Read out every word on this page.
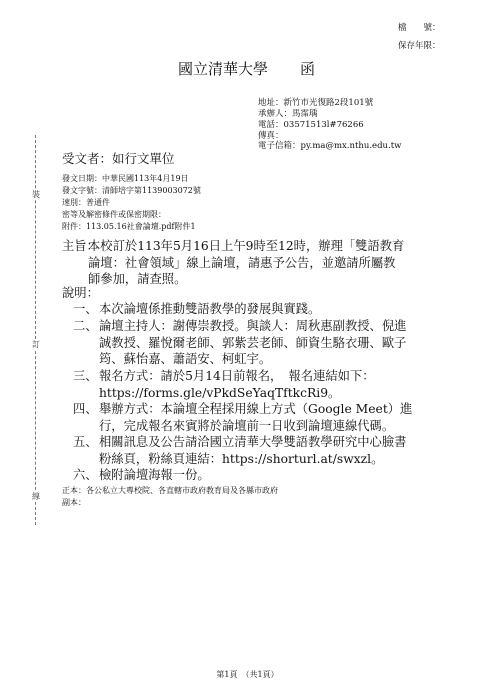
檔　　號：
保存年限：
國立清華大學 函
地址：新竹市光復路2段101號
承辦人：馬霈瑀
電話：03571513l#76266
傳真：
電子信箱：py.ma@mx.nthu.edu.tw
受文者：如行文單位
發文日期：中華民國113年4月19日
發文字號：清師培字第1139003072號
速別：普通件
密等及解密條件或保密期限：
附件：113.05.16社會論壇.pdf附件1
主旨：
本校訂於113年5月16日上午9時至12時，辦理「雙語教育
論壇：社會領域」線上論壇，請惠予公告，並邀請所屬教
師參加，請查照。
說明：
一、 本次論壇係推動雙語教學的發展與實踐。
二、 論壇主持人：謝傳崇教授。與談人：周秋惠副教授、倪進
誠教授、羅悅爾老師、郭紫芸老師、師資生駱衣珊、歐子
筠、蘇怡嘉、蕭語安、柯虹宇。
三、 報名方式：請於5月14日前報名，　報名連結如下：
https://forms.gle/vPkdSeYaqTftkcRi9。
四、 舉辦方式：本論壇全程採用線上方式（Google Meet）進
行，完成報名來賓將於論壇前一日收到論壇連線代碼。
五、 相關訊息及公告請洽國立清華大學雙語教學研究中心臉書
粉絲頁，粉絲頁連結：https://shorturl.at/swxzl。
六、 檢附論壇海報一份。
正本：各公私立大專校院、各直轄市政府教育局及各縣市政府
副本：
裝
訂
線
第1頁　（共1頁）
